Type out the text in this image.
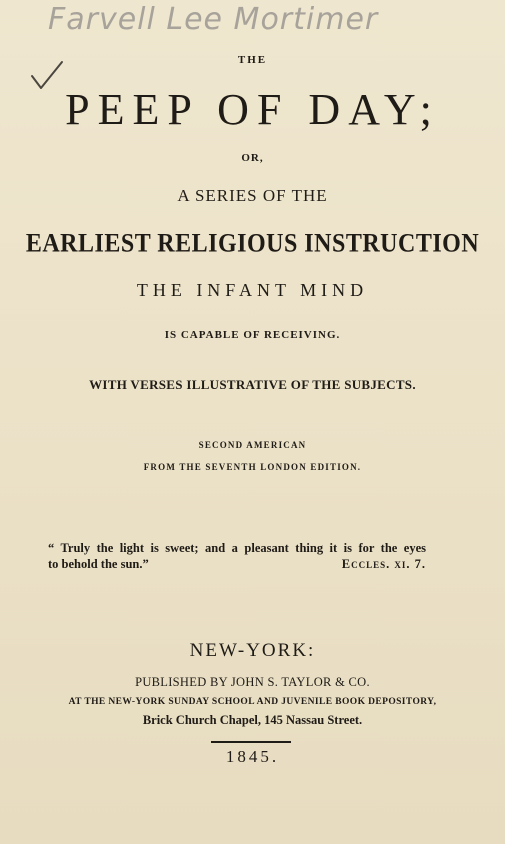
Farvell Lee Mortimer
THE
PEEP OF DAY;
OR,
A SERIES OF THE
EARLIEST RELIGIOUS INSTRUCTION
THE INFANT MIND
IS CAPABLE OF RECEIVING.
WITH VERSES ILLUSTRATIVE OF THE SUBJECTS.
SECOND AMERICAN
FROM THE SEVENTH LONDON EDITION.
“ Truly the light is sweet; and a pleasant thing it is for the eyes
to behold the sun.”	Eccles. xi. 7.
NEW-YORK:
PUBLISHED BY JOHN S. TAYLOR & CO.
AT THE NEW-YORK SUNDAY SCHOOL AND JUVENILE BOOK DEPOSITORY,
Brick Church Chapel, 145 Nassau Street.
1845.
